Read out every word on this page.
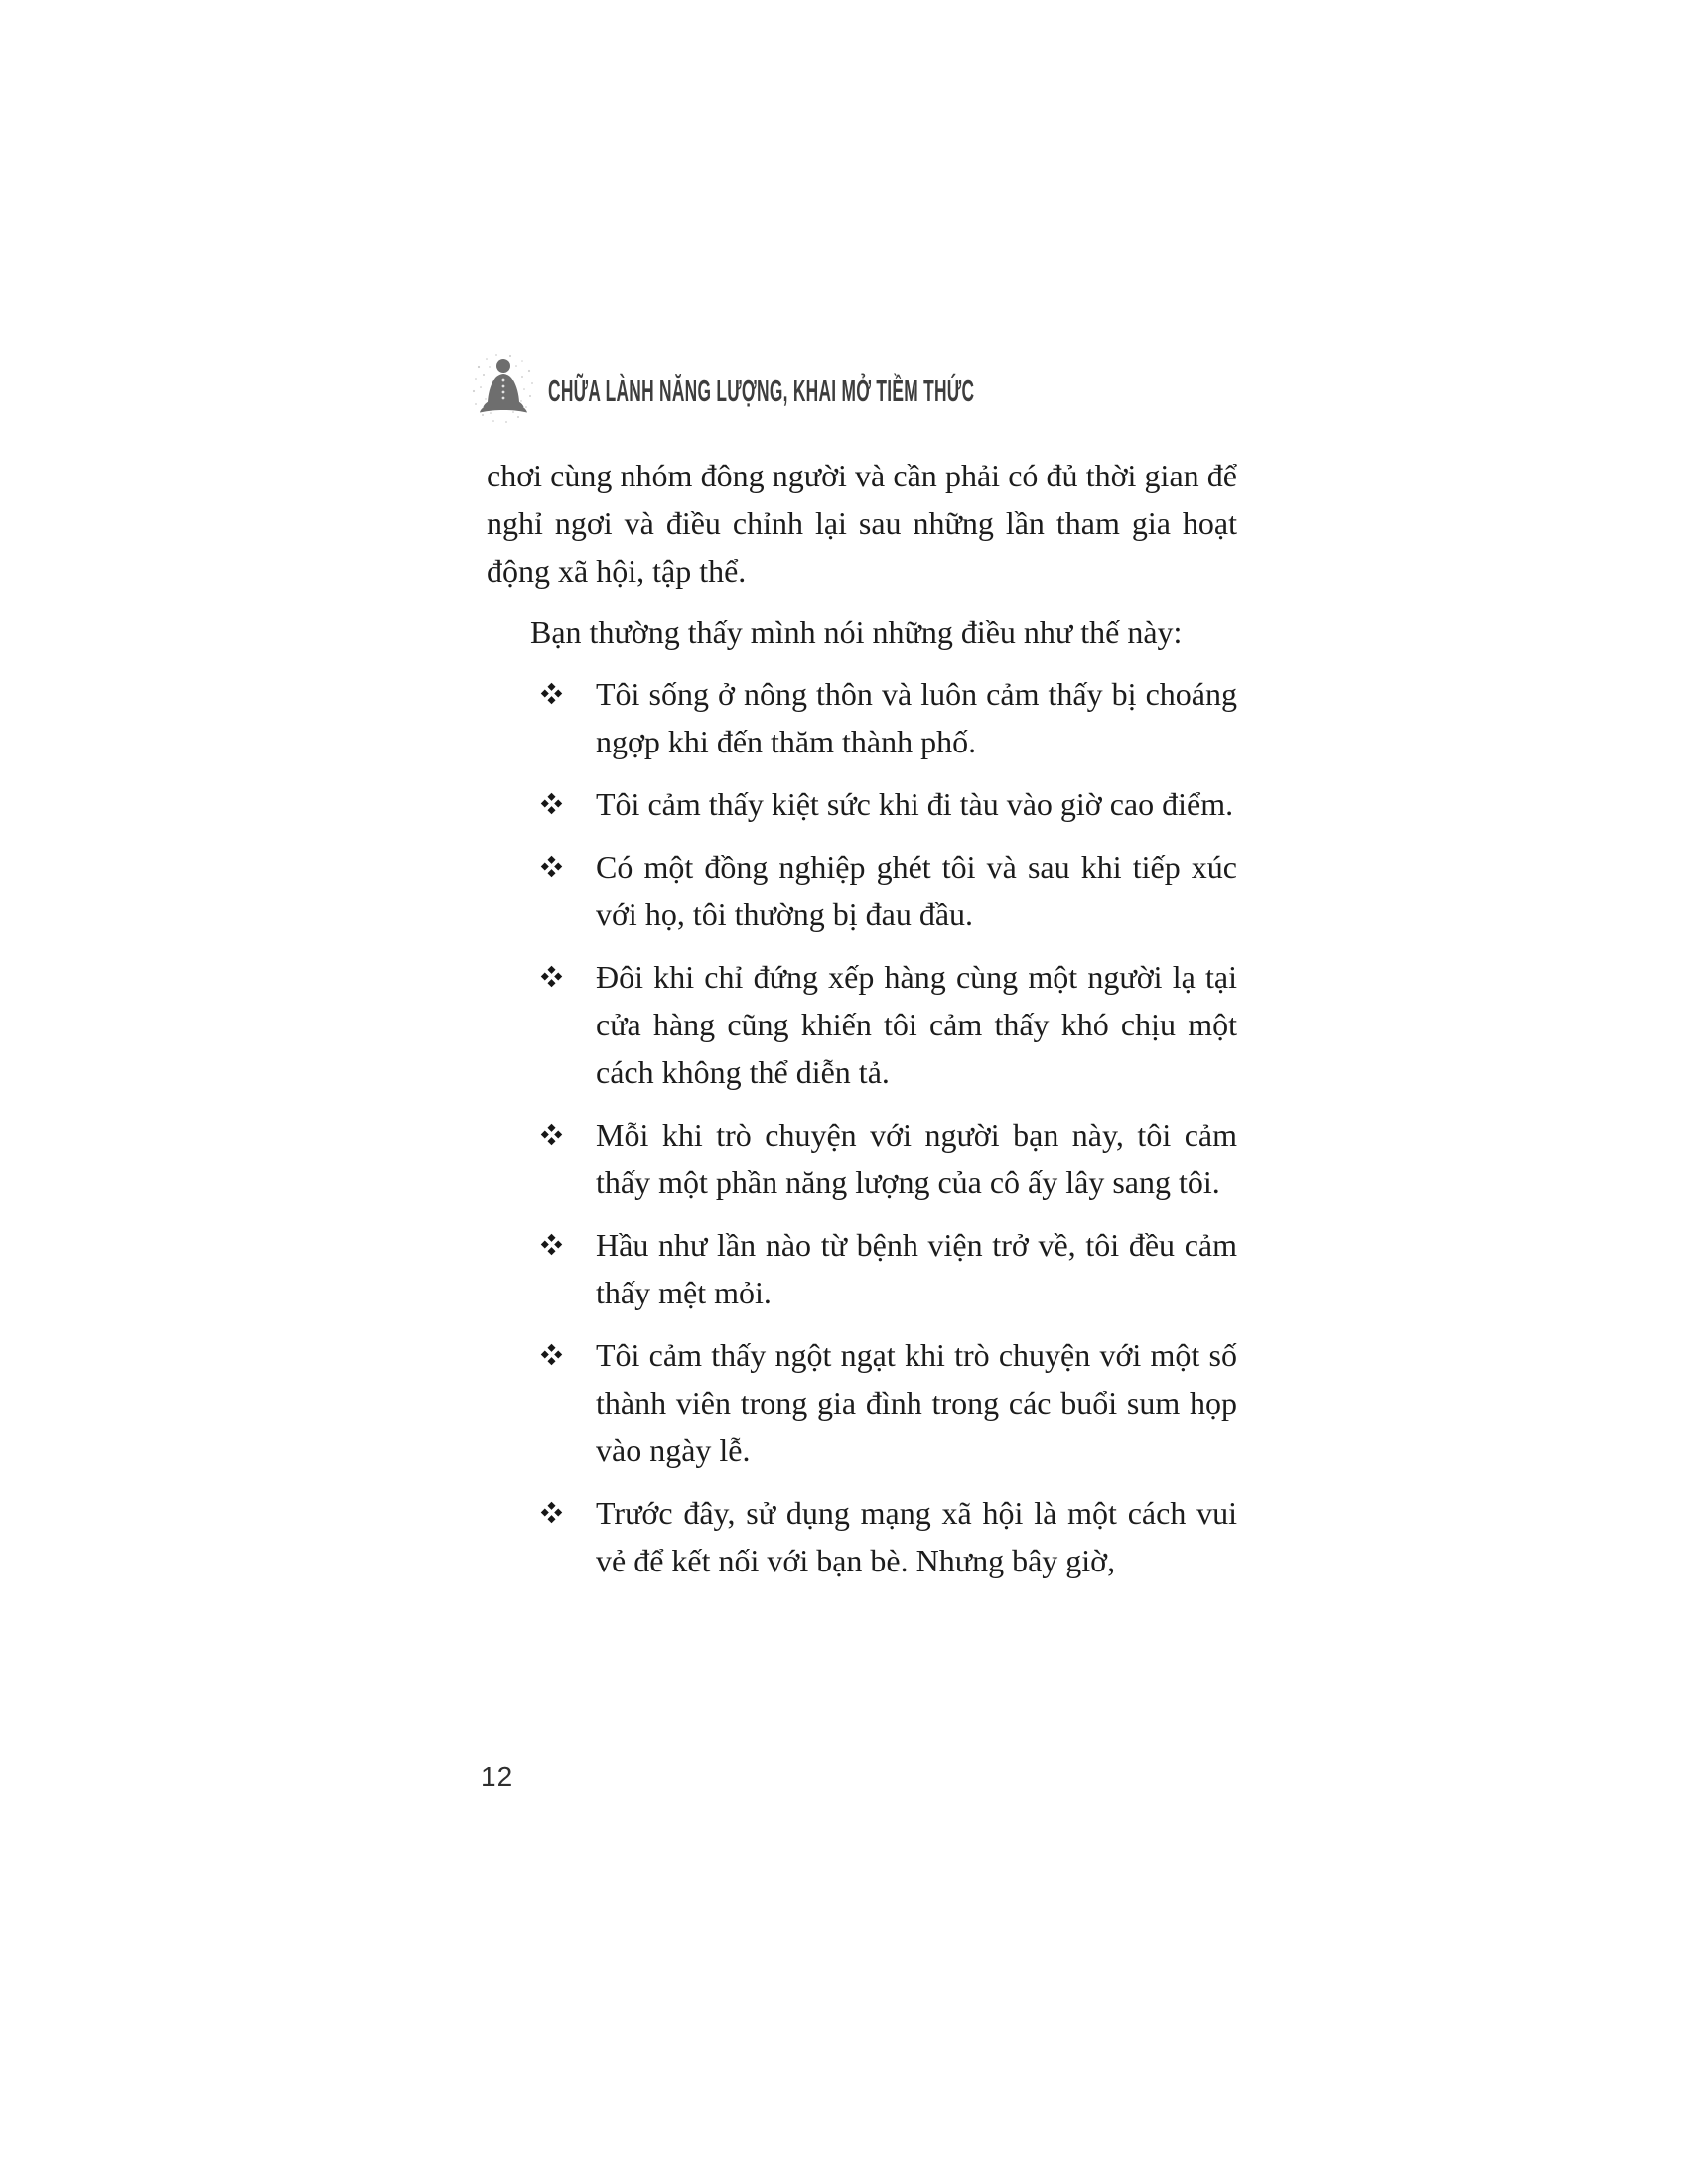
CHỮA LÀNH NĂNG LƯỢNG, KHAI MỞ TIỀM THỨC

chơi cùng nhóm đông người và cần phải có đủ thời gian để nghỉ ngơi và điều chỉnh lại sau những lần tham gia hoạt động xã hội, tập thể.

Bạn thường thấy mình nói những điều như thế này:

Tôi sống ở nông thôn và luôn cảm thấy bị choáng ngợp khi đến thăm thành phố.
Tôi cảm thấy kiệt sức khi đi tàu vào giờ cao điểm.
Có một đồng nghiệp ghét tôi và sau khi tiếp xúc với họ, tôi thường bị đau đầu.
Đôi khi chỉ đứng xếp hàng cùng một người lạ tại cửa hàng cũng khiến tôi cảm thấy khó chịu một cách không thể diễn tả.
Mỗi khi trò chuyện với người bạn này, tôi cảm thấy một phần năng lượng của cô ấy lây sang tôi.
Hầu như lần nào từ bệnh viện trở về, tôi đều cảm thấy mệt mỏi.
Tôi cảm thấy ngột ngạt khi trò chuyện với một số thành viên trong gia đình trong các buổi sum họp vào ngày lễ.
Trước đây, sử dụng mạng xã hội là một cách vui vẻ để kết nối với bạn bè. Nhưng bây giờ,
12
